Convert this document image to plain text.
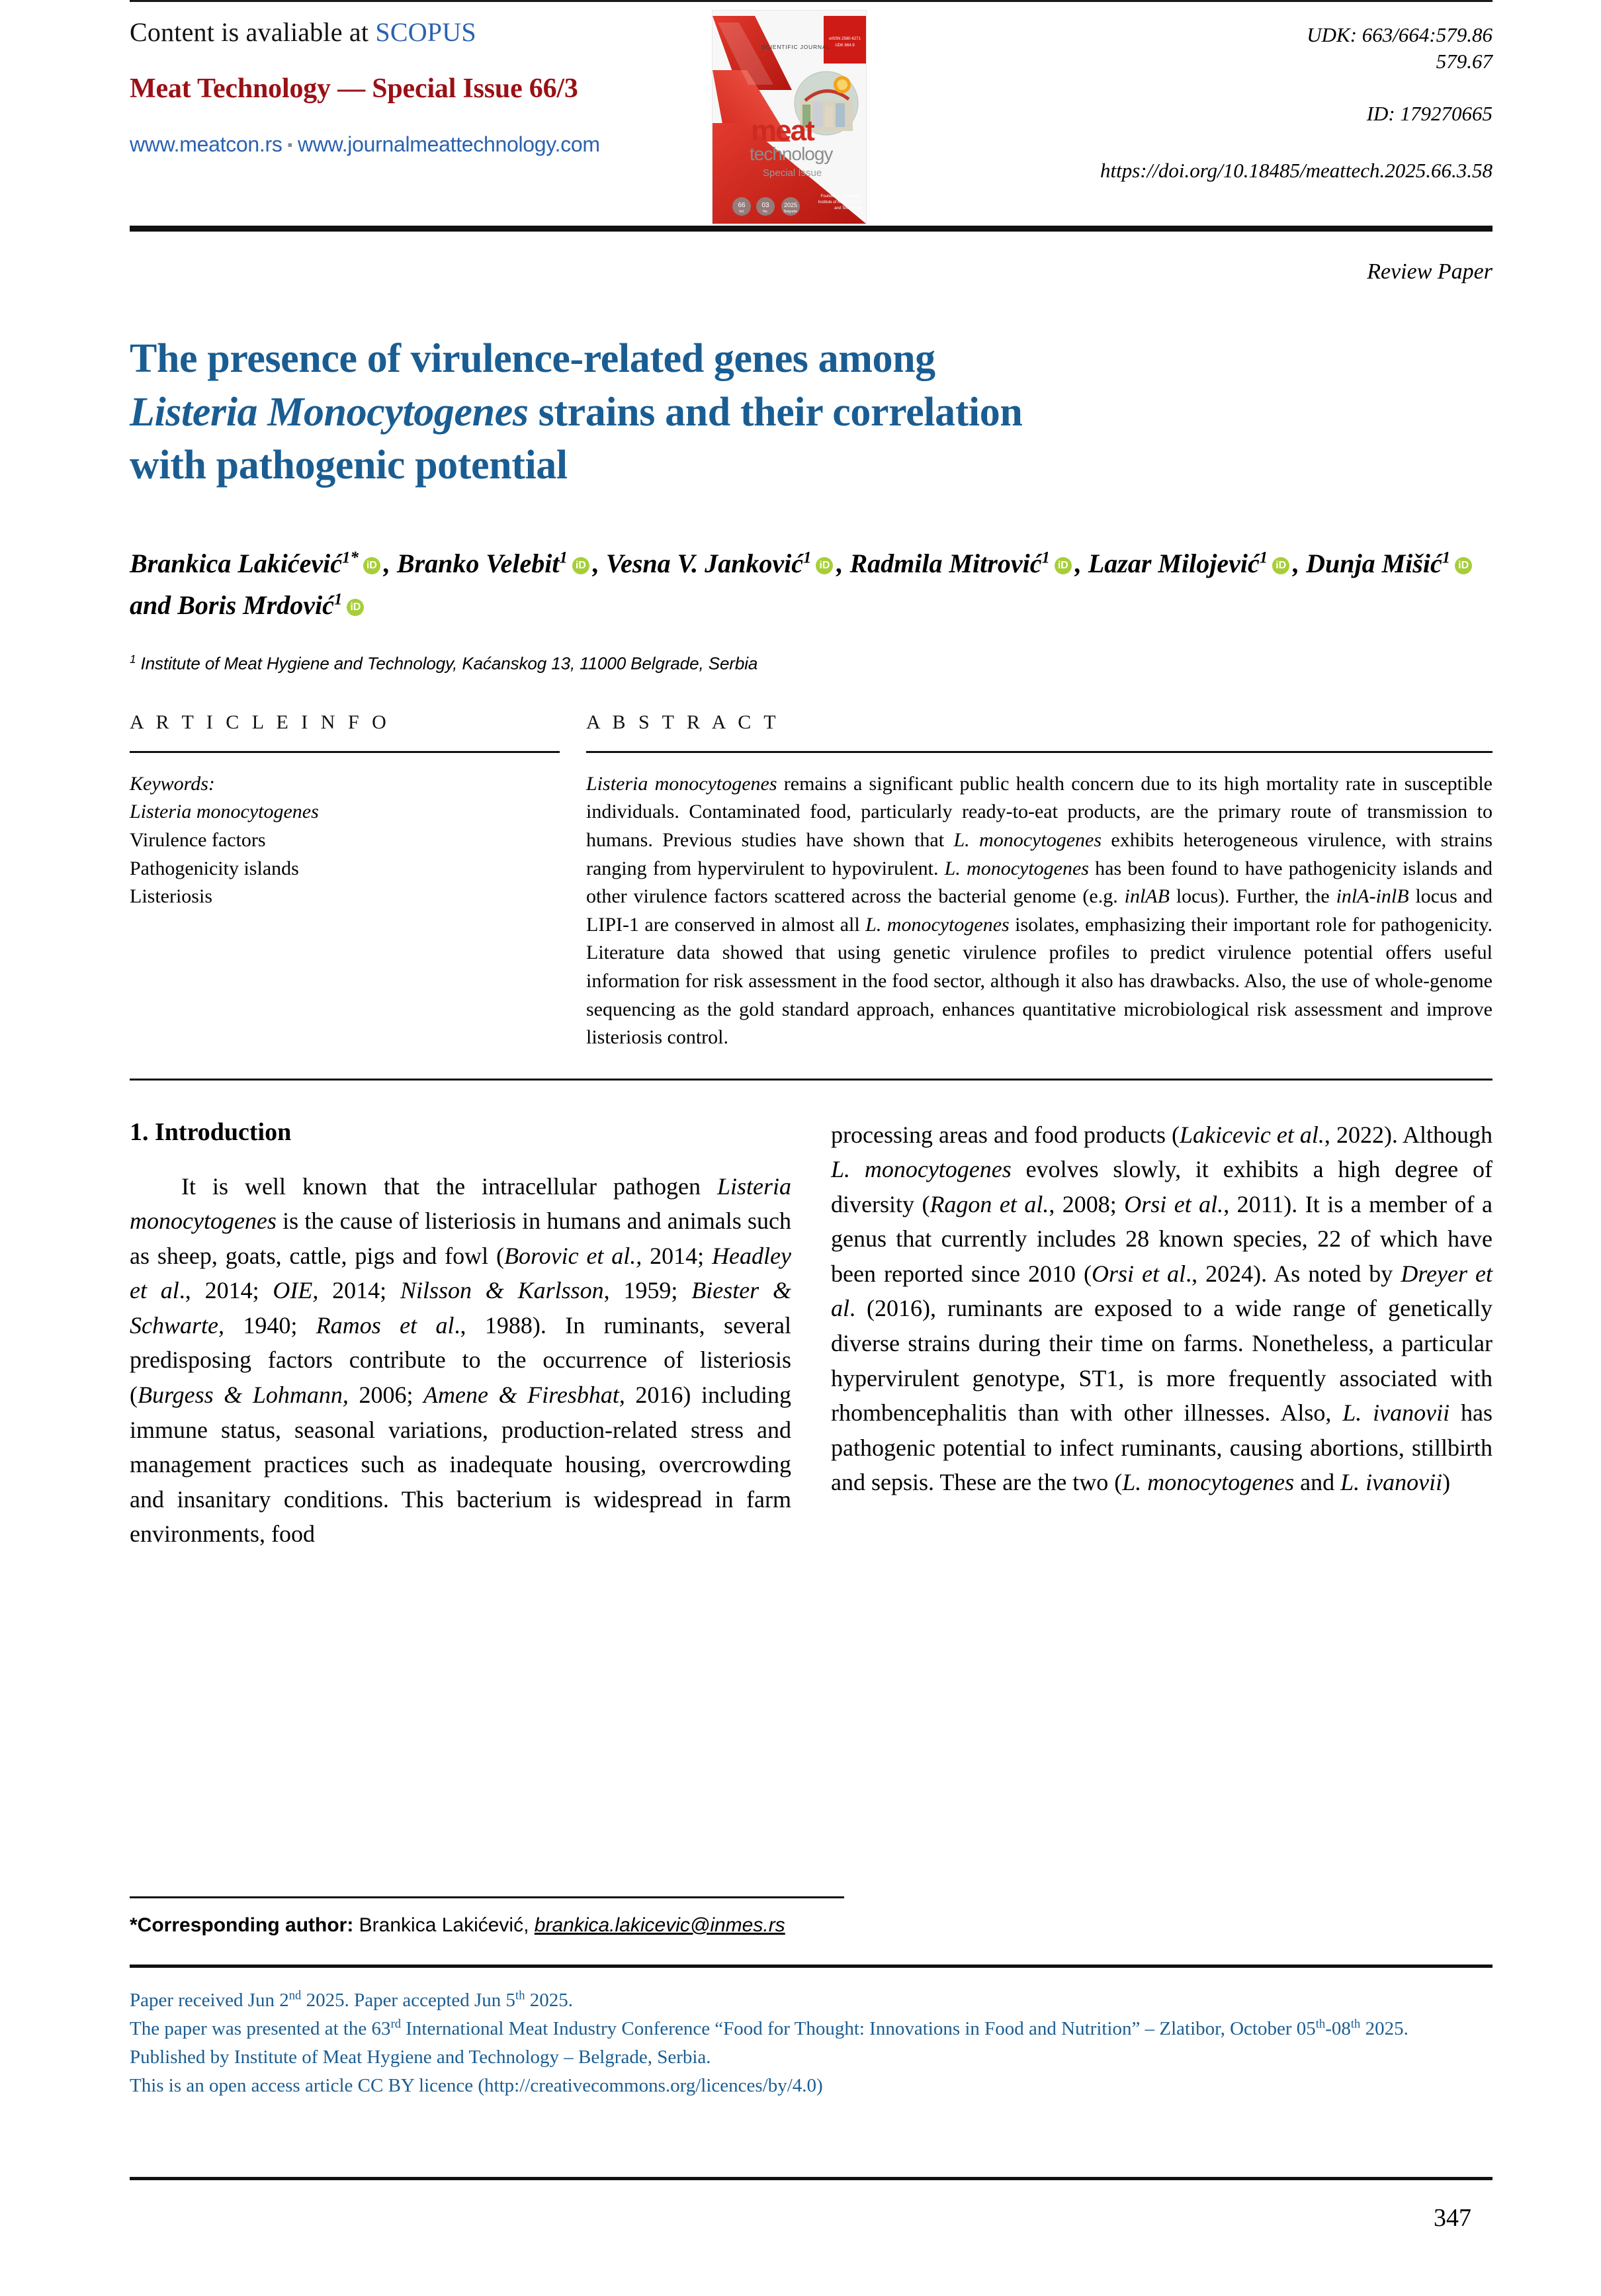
Content is avaliable at SCOPUS
Meat Technology — Special Issue 66/3
www.meatcon.rs ▪ www.journalmeattechnology.com
eISSN 2560-6271
UDK 664.9
SCIENTIFIC JOURNAL
meat
technology
Special Issue
Founder and Publisher:
Institute of Meat Hygiene
and Technology
66
Vol.
03
No.
2025
Belgrade
UDK: 663/664:579.86
579.67
ID: 179270665
https://doi.org/10.18485/meattech.2025.66.3.58
Review Paper
The presence of virulence-related genes among
Listeria Monocytogenes strains and their correlation
with pathogenic potential
Brankica Lakićević$^{1*}$ iD , Branko Velebit$^1$ iD , Vesna V. Janković$^1$ iD , Radmila Mitrović$^1$ iD , Lazar Milojević$^1$ iD , Dunja Mišić$^1$ iD and Boris Mrdović$^1$ iD
$^1$ Institute of Meat Hygiene and Technology, Kaćanskog 13, 11000 Belgrade, Serbia
A R T I C L E I N F O
Keywords:
Listeria monocytogenes
Virulence factors
Pathogenicity islands
Listeriosis
A B S T R A C T
Listeria monocytogenes remains a significant public health concern due to its high mortality rate in susceptible individuals. Contaminated food, particularly ready-to-eat products, are the primary route of transmission to humans. Previous studies have shown that L. monocytogenes exhibits heterogeneous virulence, with strains ranging from hypervirulent to hypovirulent. L. monocytogenes has been found to have pathogenicity islands and other virulence factors scattered across the bacterial genome (e.g. inlAB locus). Further, the inlA-inlB locus and LIPI-1 are conserved in almost all L. monocytogenes isolates, emphasizing their important role for pathogenicity. Literature data showed that using genetic virulence profiles to predict virulence potential offers useful information for risk assessment in the food sector, although it also has drawbacks. Also, the use of whole-genome sequencing as the gold standard approach, enhances quantitative microbiological risk assessment and improve listeriosis control.
1. Introduction
It is well known that the intracellular pathogen Listeria monocytogenes is the cause of listeriosis in humans and animals such as sheep, goats, cattle, pigs and fowl (Borovic et al., 2014; Headley et al., 2014; OIE, 2014; Nilsson & Karlsson, 1959; Biester & Schwarte, 1940; Ramos et al., 1988). In ruminants, several predisposing factors contribute to the occurrence of listeriosis (Burgess & Lohmann, 2006; Amene & Firesbhat, 2016) including immune status, seasonal variations, production-related stress and management practices such as inadequate housing, overcrowding and insanitary conditions. This bacterium is widespread in farm environments, food
processing areas and food products (Lakicevic et al., 2022). Although L. monocytogenes evolves slowly, it exhibits a high degree of diversity (Ragon et al., 2008; Orsi et al., 2011). It is a member of a genus that currently includes 28 known species, 22 of which have been reported since 2010 (Orsi et al., 2024). As noted by Dreyer et al. (2016), ruminants are exposed to a wide range of genetically diverse strains during their time on farms. Nonetheless, a particular hypervirulent genotype, ST1, is more frequently associated with rhombencephalitis than with other illnesses. Also, L. ivanovii has pathogenic potential to infect ruminants, causing abortions, stillbirth and sepsis. These are the two (L. monocytogenes and L. ivanovii)
*Corresponding author: Brankica Lakićević, brankica.lakicevic@inmes.rs
Paper received Jun 2nd 2025. Paper accepted Jun 5th 2025.
The paper was presented at the 63rd International Meat Industry Conference “Food for Thought: Innovations in Food and Nutrition” – Zlatibor, October 05th-08th 2025.
Published by Institute of Meat Hygiene and Technology – Belgrade, Serbia.
This is an open access article CC BY licence (http://creativecommons.org/licences/by/4.0)
347
